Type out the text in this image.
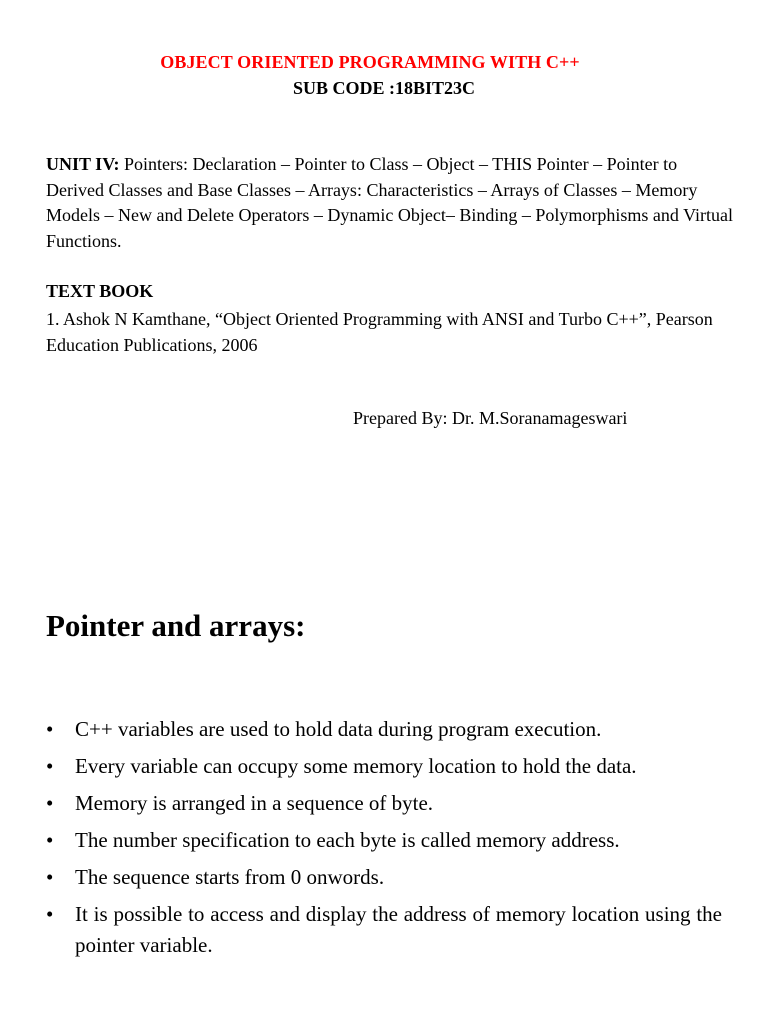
OBJECT ORIENTED PROGRAMMING WITH C++
SUB CODE :18BIT23C
UNIT IV: Pointers: Declaration – Pointer to Class – Object – THIS Pointer – Pointer to Derived Classes and Base Classes – Arrays: Characteristics – Arrays of Classes – Memory Models – New and Delete Operators – Dynamic Object– Binding – Polymorphisms and Virtual Functions.
TEXT BOOK
1. Ashok N Kamthane, “Object Oriented Programming with ANSI and Turbo C++”, Pearson Education Publications, 2006
Prepared By: Dr. M.Soranamageswari
Pointer and arrays:
• C++ variables are used to hold data during program execution.
• Every variable can occupy some memory location to hold the data.
• Memory is arranged in a sequence of byte.
• The number specification to each byte is called memory address.
• The sequence starts from 0 onwords.
• It is possible to access and display the address of memory location using the pointer variable.
